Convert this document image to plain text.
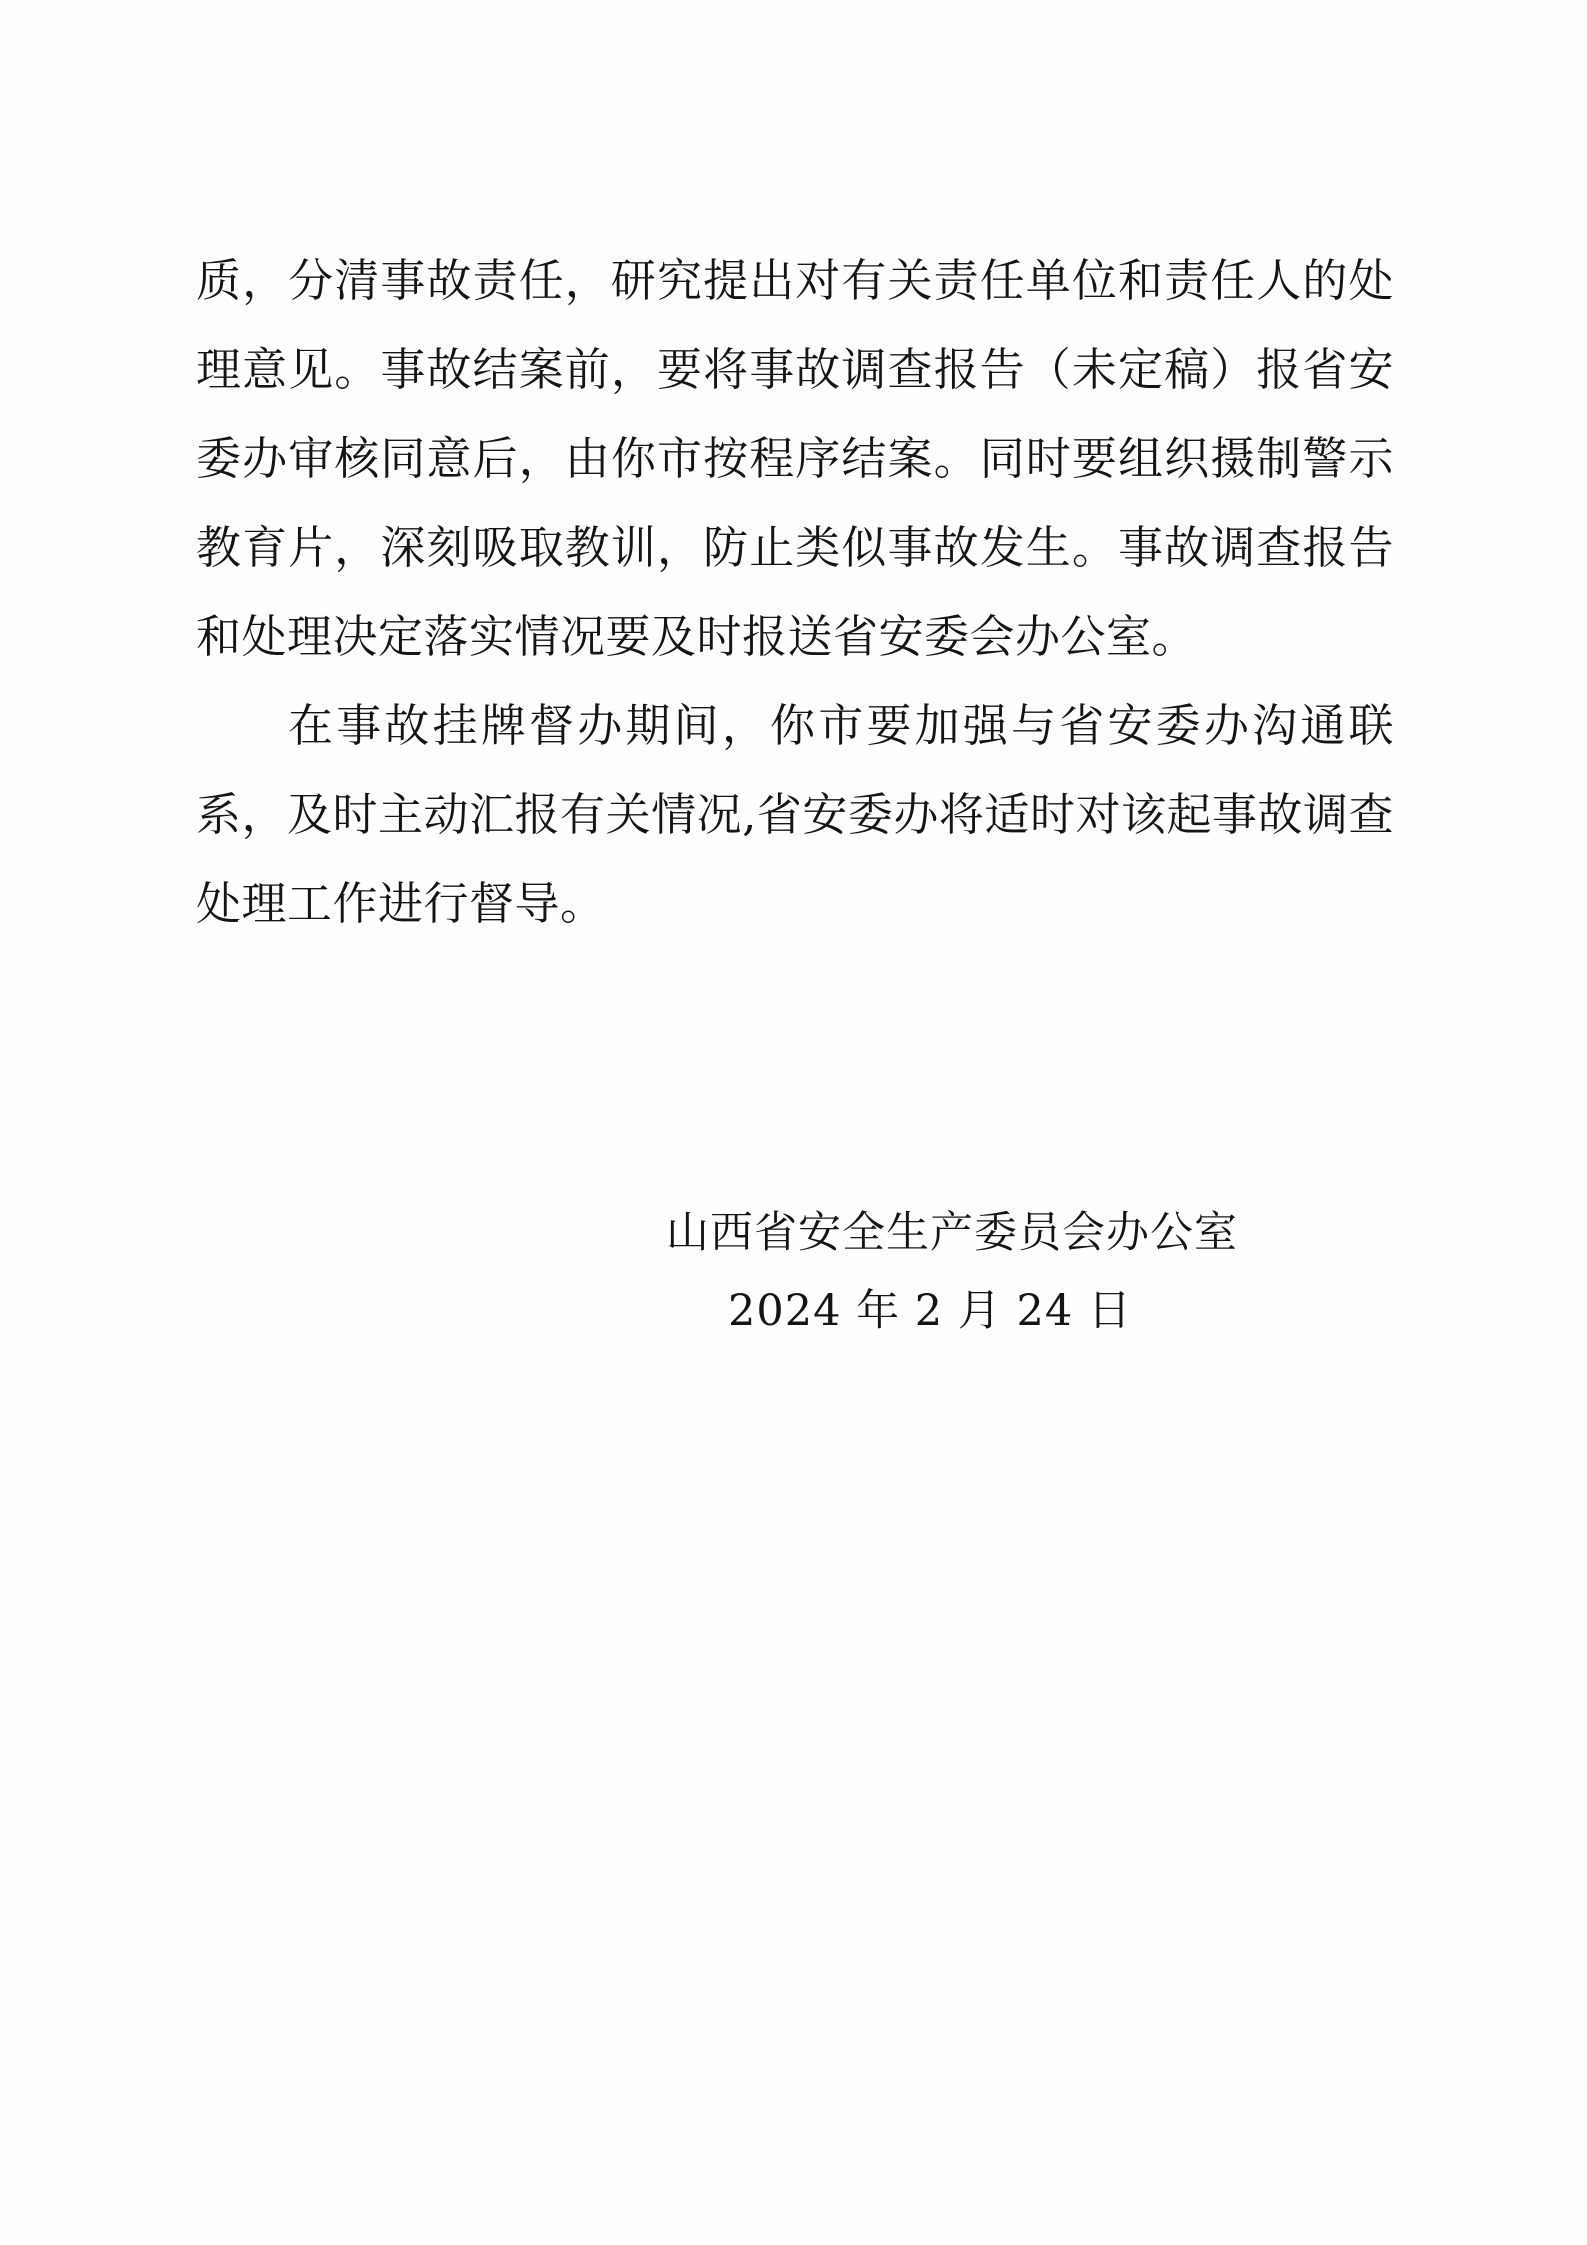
质，分清事故责任，研究提出对有关责任单位和责任人的处理意见。事故结案前，要将事故调查报告（未定稿）报省安委办审核同意后，由你市按程序结案。同时要组织摄制警示教育片，深刻吸取教训，防止类似事故发生。事故调查报告和处理决定落实情况要及时报送省安委会办公室。

在事故挂牌督办期间，你市要加强与省安委办沟通联系，及时主动汇报有关情况,省安委办将适时对该起事故调查处理工作进行督导。

山西省安全生产委员会办公室
2024 年 2 月 24 日
